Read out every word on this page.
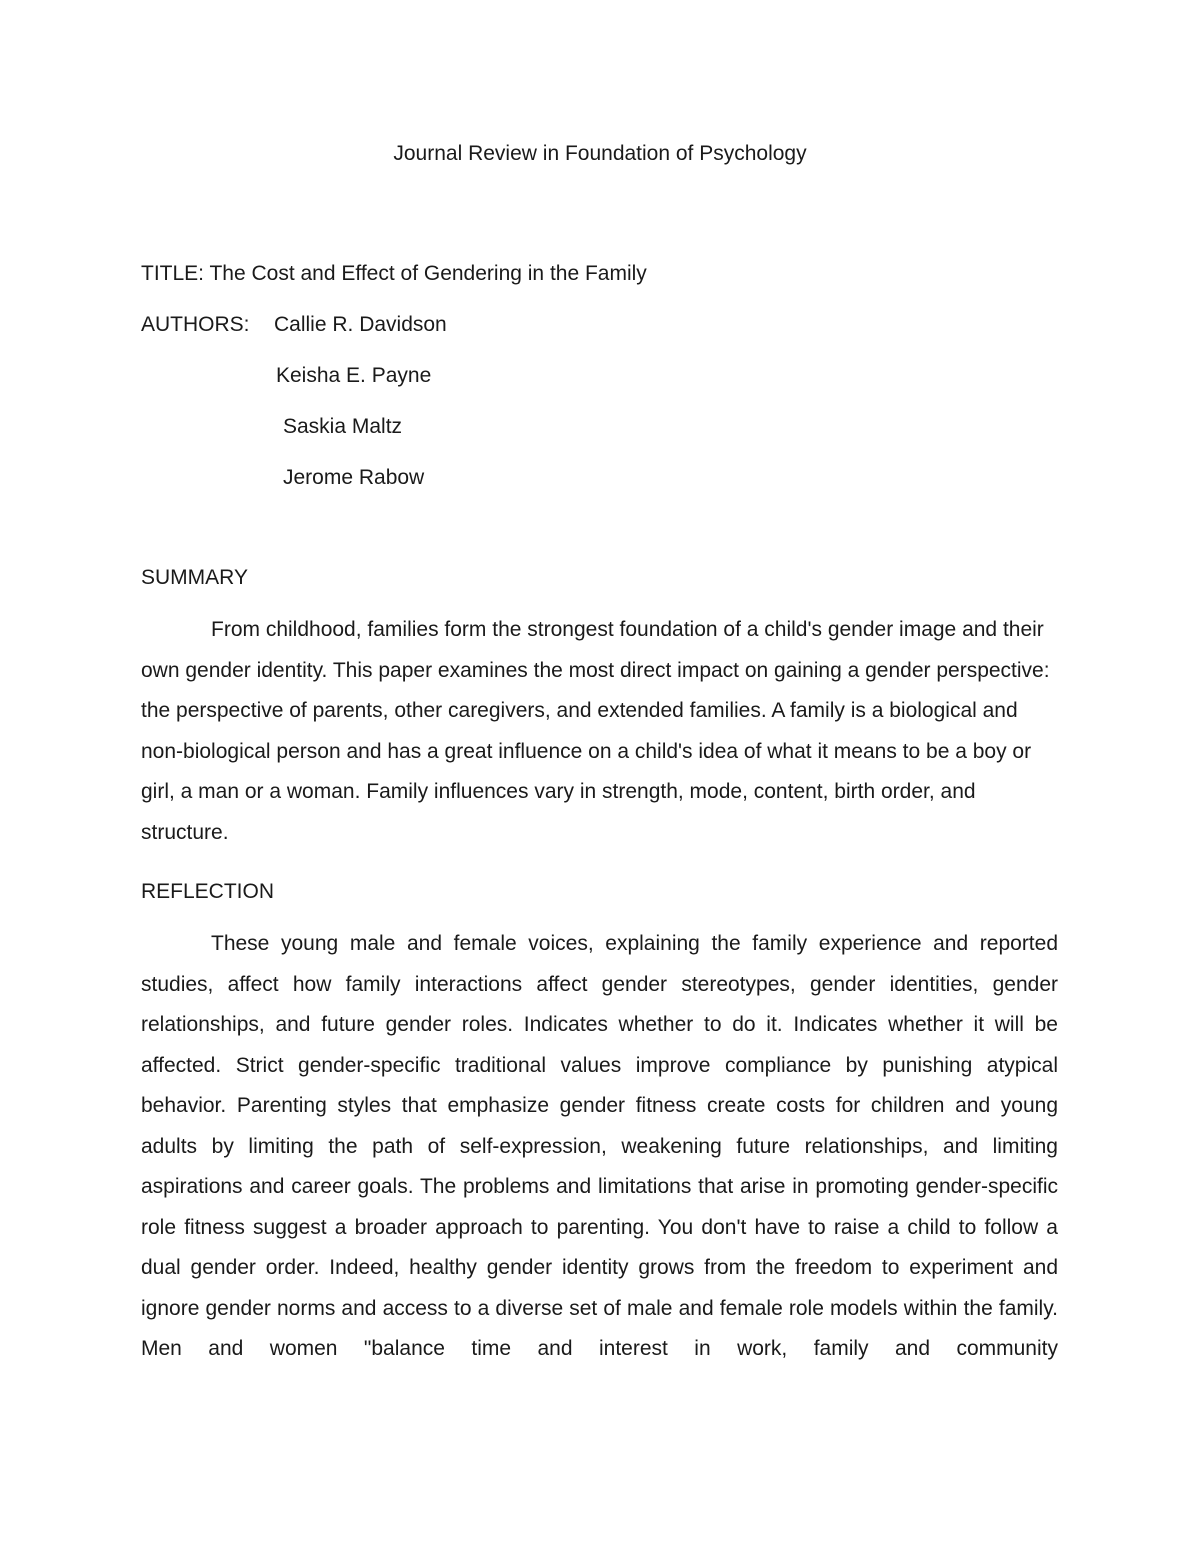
Journal Review in Foundation of Psychology
TITLE: The Cost and Effect of Gendering in the Family
AUTHORS: Callie R. Davidson
Keisha E. Payne
Saskia Maltz
Jerome Rabow
SUMMARY

From childhood, families form the strongest foundation of a child's gender image and their own gender identity. This paper examines the most direct impact on gaining a gender perspective: the perspective of parents, other caregivers, and extended families. A family is a biological and non-biological person and has a great influence on a child's idea of what it means to be a boy or girl, a man or a woman. Family influences vary in strength, mode, content, birth order, and structure.

REFLECTION

These young male and female voices, explaining the family experience and reported studies, affect how family interactions affect gender stereotypes, gender identities, gender relationships, and future gender roles. Indicates whether to do it. Indicates whether it will be affected. Strict gender-specific traditional values improve compliance by punishing atypical behavior. Parenting styles that emphasize gender fitness create costs for children and young adults by limiting the path of self-expression, weakening future relationships, and limiting aspirations and career goals. The problems and limitations that arise in promoting gender-specific role fitness suggest a broader approach to parenting. You don't have to raise a child to follow a dual gender order. Indeed, healthy gender identity grows from the freedom to experiment and ignore gender norms and access to a diverse set of male and female role models within the family. Men and women "balance time and interest in work, family and community
